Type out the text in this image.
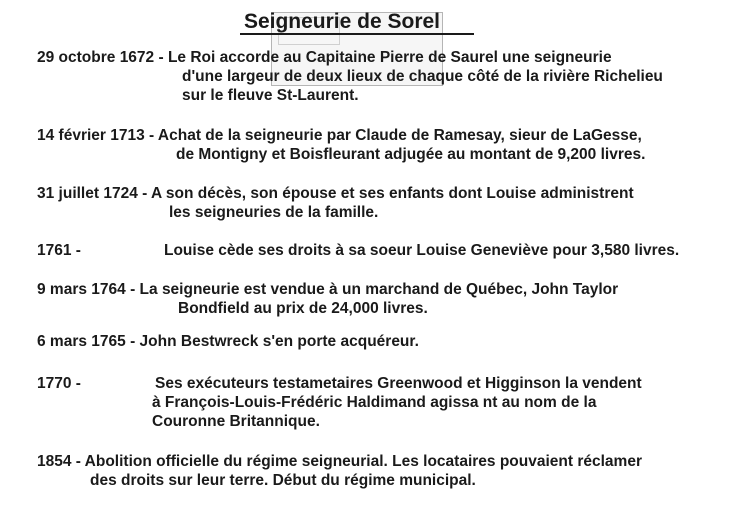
Seigneurie de Sorel
29 octobre 1672 - Le Roi accorde au Capitaine Pierre de Saurel une seigneurie
d'une largeur de deux lieux de chaque côté de la rivière Richelieu
sur le fleuve St-Laurent.
14 février 1713 - Achat de la seigneurie par Claude de Ramesay, sieur de LaGesse,
de Montigny et Boisfleurant adjugée au montant de 9,200 livres.
31 juillet 1724 - A son décès, son épouse et ses enfants dont Louise administrent
les seigneuries de la famille.
1761 -	Louise cède ses droits à sa soeur Louise Geneviève pour 3,580 livres.
9 mars 1764 - La seigneurie est vendue à un marchand de Québec, John Taylor
Bondfield au prix de 24,000 livres.
6 mars 1765 - John Bestwreck s'en porte acquéreur.
1770 -	Ses exécuteurs testametaires Greenwood et Higginson la vendent
à François-Louis-Frédéric Haldimand agissa nt au nom de la
Couronne Britannique.
1854 - Abolition officielle du régime seigneurial. Les locataires pouvaient réclamer
des droits sur leur terre. Début du régime municipal.
